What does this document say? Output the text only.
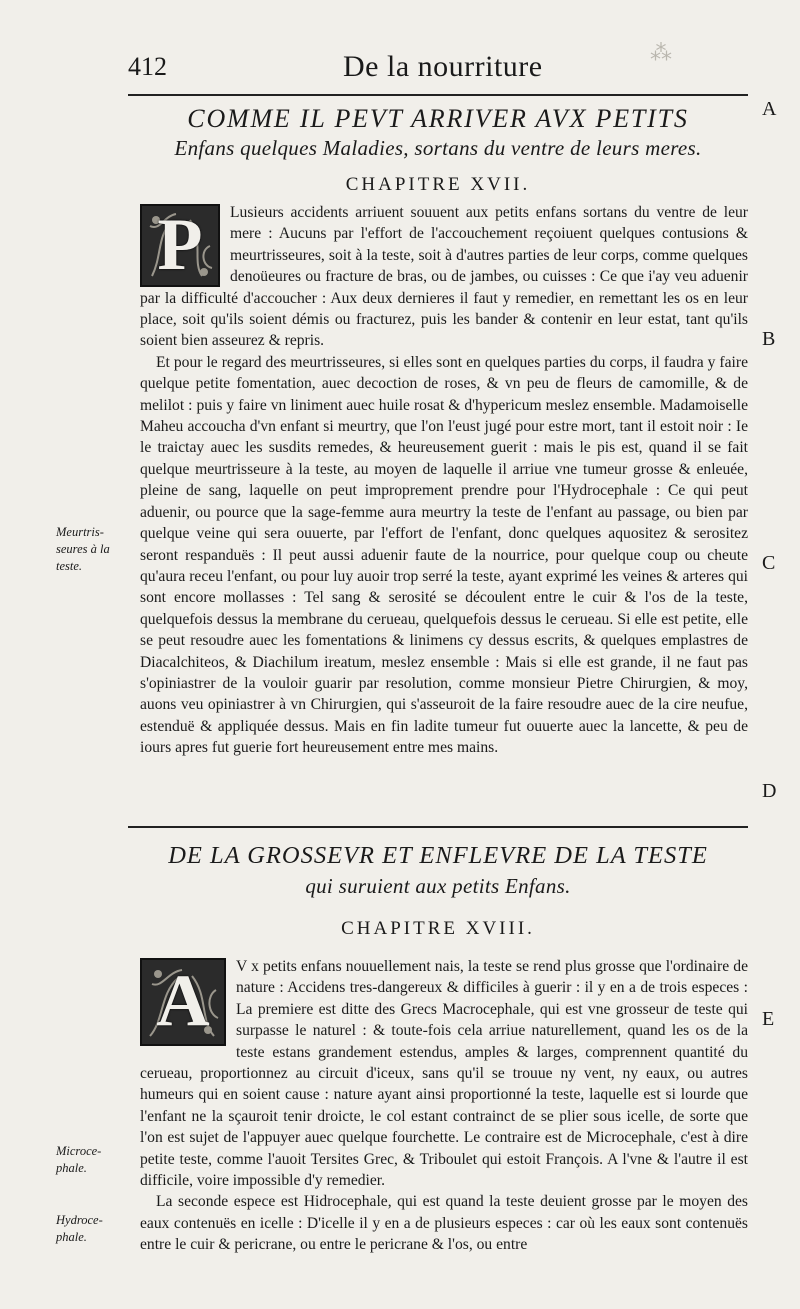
⁂
412	De la nourriture
COMME IL PEVT ARRIVER AVX PETITS
Enfans quelques Maladies, sortans du ventre de leurs meres.
CHAPITRE XVII.

P	Lusieurs accidents arriuent souuent aux petits enfans sortans du ventre de leur mere : Aucuns par l'effort de l'accouchement reçoiuent quelques contusions & meurtrisseures, soit à la teste, soit à d'autres parties de leur corps, comme quelques denoüeures ou fracture de bras, ou de jambes, ou cuisses : Ce que i'ay veu aduenir par la difficulté d'accoucher : Aux deux dernieres il faut y remedier, en remettant les os en leur place, soit qu'ils soient démis ou fracturez, puis les bander & contenir en leur estat, tant qu'ils soient bien asseurez & repris.

Et pour le regard des meurtrisseures, si elles sont en quelques parties du corps, il faudra y faire quelque petite fomentation, auec decoction de roses, & vn peu de fleurs de camomille, & de melilot : puis y faire vn liniment auec huile rosat & d'hypericum meslez ensemble. Madamoiselle Maheu accoucha d'vn enfant si meurtry, que l'on l'eust jugé pour estre mort, tant il estoit noir : Ie le traictay auec les susdits remedes, & heureusement guerit : mais le pis est, quand il se fait quelque meurtrisseure à la teste, au moyen de laquelle il arriue vne tumeur grosse & enleuée, pleine de sang, laquelle on peut improprement prendre pour l'Hydrocephale : Ce qui peut aduenir, ou pource que la sage-femme aura meurtry la teste de l'enfant au passage, ou bien par quelque veine qui sera ouuerte, par l'effort de l'enfant, donc quelques aquositez & serositez seront respanduës : Il peut aussi aduenir faute de la nourrice, pour quelque coup ou cheute qu'aura receu l'enfant, ou pour luy auoir trop serré la teste, ayant exprimé les veines & arteres qui sont encore mollasses : Tel sang & serosité se découlent entre le cuir & l'os de la teste, quelquefois dessus la membrane du cerueau, quelquefois dessus le cerueau. Si elle est petite, elle se peut resoudre auec les fomentations & linimens cy dessus escrits, & quelques emplastres de Diacalchiteos, & Diachilum ireatum, meslez ensemble : Mais si elle est grande, il ne faut pas s'opiniastrer de la vouloir guarir par resolution, comme monsieur Pietre Chirurgien, & moy, auons veu opiniastrer à vn Chirurgien, qui s'asseuroit de la faire resoudre auec de la cire neufue, estenduë & appliquée dessus. Mais en fin ladite tumeur fut ouuerte auec la lancette, & peu de iours apres fut guerie fort heureusement entre mes mains.

DE LA GROSSEVR ET ENFLEVRE DE LA TESTE
qui suruient aux petits Enfans.
CHAPITRE XVIII.

A	V x petits enfans nouuellement nais, la teste se rend plus grosse que l'ordinaire de nature : Accidens tres-dangereux & difficiles à guerir : il y en a de trois especes : La premiere est ditte des Grecs Macrocephale, qui est vne grosseur de teste qui surpasse le naturel : & toute-fois cela arriue naturellement, quand les os de la teste estans grandement estendus, amples & larges, comprennent quantité du cerueau, proportionnez au circuit d'iceux, sans qu'il se trouue ny vent, ny eaux, ou autres humeurs qui en soient cause : nature ayant ainsi proportionné la teste, laquelle est si lourde que l'enfant ne la sçauroit tenir droicte, le col estant contrainct de se plier sous icelle, de sorte que l'on est sujet de l'appuyer auec quelque fourchette. Le contraire est de Microcephale, c'est à dire petite teste, comme l'auoit Tersites Grec, & Triboulet qui estoit François. A l'vne & l'autre il est difficile, voire impossible d'y remedier.

La seconde espece est Hidrocephale, qui est quand la teste deuient grosse par le moyen des eaux contenuës en icelle : D'icelle il y en a de plusieurs especes : car où les eaux sont contenuës entre le cuir & pericrane, ou entre le pericrane & l'os, ou entre

Meurtris-
seures à la
teste.
Microce-
phale.
Hydroce-
phale.
A
B
C
D
E
